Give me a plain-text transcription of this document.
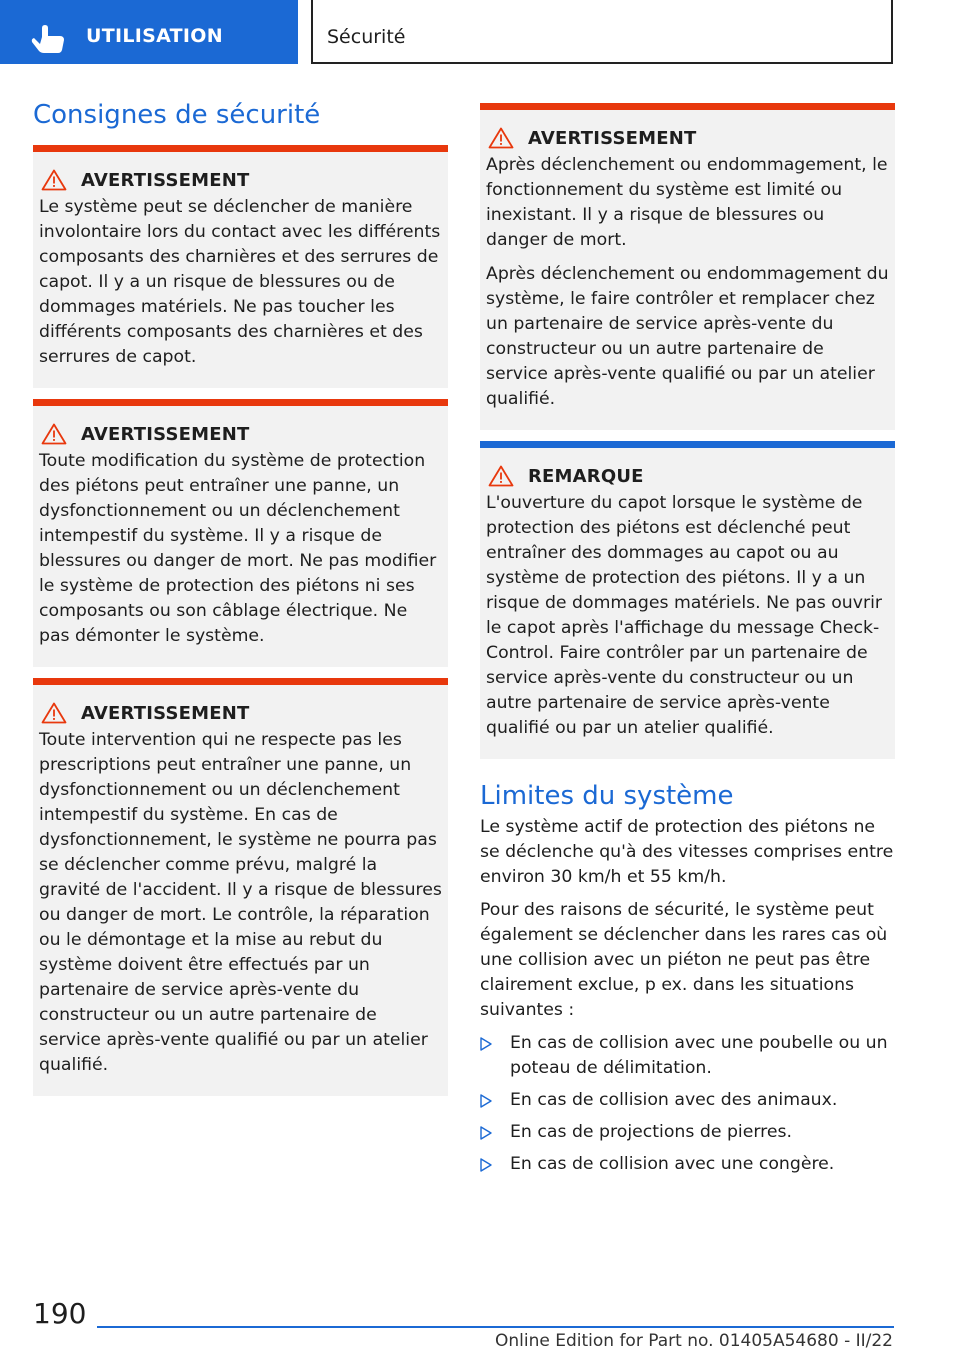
UTILISATION	Sécurité
Consignes de sécurité
AVERTISSEMENT

Le système peut se déclencher de manière involontaire lors du contact avec les différents composants des charnières et des serrures de capot. Il y a un risque de blessures ou de dommages matériels. Ne pas toucher les différents composants des charnières et des serrures de capot.

AVERTISSEMENT

Toute modification du système de protection des piétons peut entraîner une panne, un dysfonctionnement ou un déclenchement intempestif du système. Il y a risque de blessures ou danger de mort. Ne pas modifier le système de protection des piétons ni ses composants ou son câblage électrique. Ne pas démonter le système.

AVERTISSEMENT

Toute intervention qui ne respecte pas les prescriptions peut entraîner une panne, un dysfonctionnement ou un déclenchement intempestif du système. En cas de dysfonctionnement, le système ne pourra pas se déclencher comme prévu, malgré la gravité de l'accident. Il y a risque de blessures ou danger de mort. Le contrôle, la réparation ou le démontage et la mise au rebut du système doivent être effectués par un partenaire de service après-vente du constructeur ou un autre partenaire de service après-vente qualifié ou par un atelier qualifié.

AVERTISSEMENT

Après déclenchement ou endommagement, le fonctionnement du système est limité ou inexistant. Il y a risque de blessures ou danger de mort.

Après déclenchement ou endommagement du système, le faire contrôler et remplacer chez un partenaire de service après-vente du constructeur ou un autre partenaire de service après-vente qualifié ou par un atelier qualifié.

REMARQUE

L'ouverture du capot lorsque le système de protection des piétons est déclenché peut entraîner des dommages au capot ou au système de protection des piétons. Il y a un risque de dommages matériels. Ne pas ouvrir le capot après l'affichage du message Check-Control. Faire contrôler par un partenaire de service après-vente du constructeur ou un autre partenaire de service après-vente qualifié ou par un atelier qualifié.

Limites du système

Le système actif de protection des piétons ne se déclenche qu'à des vitesses comprises entre environ 30 km/h et 55 km/h.

Pour des raisons de sécurité, le système peut également se déclencher dans les rares cas où une collision avec un piéton ne peut pas être clairement exclue, p ex. dans les situations suivantes :

En cas de collision avec une poubelle ou un poteau de délimitation.
En cas de collision avec des animaux.
En cas de projections de pierres.
En cas de collision avec une congère.
190
Online Edition for Part no. 01405A54680 - II/22
